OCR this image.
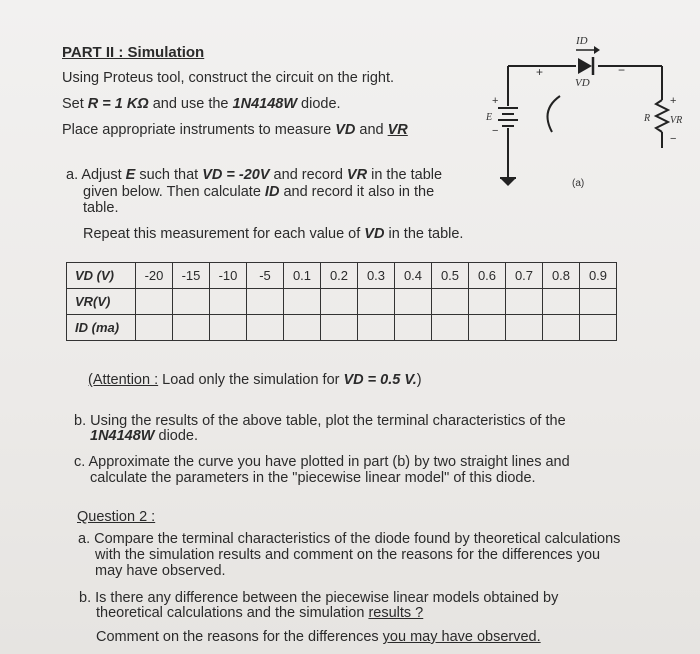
PART II : Simulation
Using Proteus tool, construct the circuit on the right.
Set R = 1 KΩ and use the 1N4148W diode.
Place appropriate instruments to measure VD and VR
a. Adjust E such that VD = -20V and record VR in the table
given below. Then calculate ID and record it also in the
table.
Repeat this measurement for each value of VD in the table.
VD (V)	-20	-15	-10	-5	0.1	0.2	0.3	0.4	0.5	0.6	0.7	0.8	0.9
VR(V)													
ID (ma)													
(Attention : Load only the simulation for VD = 0.5 V.)
b. Using the results of the above table, plot the terminal characteristics of the
1N4148W diode.
c. Approximate the curve you have plotted in part (b) by two straight lines and
calculate the parameters in the "piecewise linear model" of this diode.
Question 2 :
a. Compare the terminal characteristics of the diode found by theoretical calculations
with the simulation results and comment on the reasons for the differences you
may have observed.
b. Is there any difference between the piecewise linear models obtained by
theoretical calculations and the simulation results ?
Comment on the reasons for the differences you may have observed.
ID
VD
E	R VR
+	−
+
−
+
−
(a)
